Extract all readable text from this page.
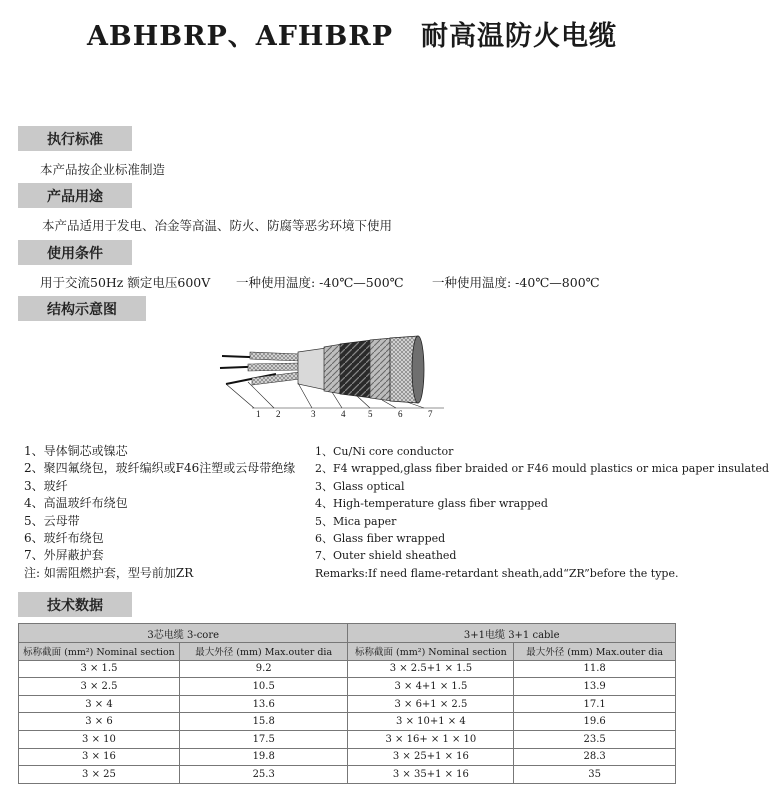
ABHBRP、AFHBRP　耐高温防火电缆
执行标准
本产品按企业标准制造
产品用途
本产品适用于发电、冶金等高温、防火、防腐等恶劣环境下使用
使用条件
用于交流50Hz 额定电压600V 一种使用温度: -40℃—500℃ 一种使用温度: -40℃—800℃
结构示意图
1 2	3	4	5	6	7
1、导体铜芯或镍芯
2、聚四氟绕包，玻纤编织或F46注塑或云母带绝缘
3、玻纤
4、高温玻纤布绕包
5、云母带
6、玻纤布绕包
7、外屏蔽护套
注: 如需阻燃护套，型号前加ZR
1、Cu/Ni core conductor
2、F4 wrapped,glass fiber braided or F46 mould plastics or mica paper insulated
3、Glass optical
4、High-temperature glass fiber wrapped
5、Mica paper
6、Glass fiber wrapped
7、Outer shield sheathed
Remarks:If need flame-retardant sheath,add“ZR”before the type.
技术数据
3芯电缆 3-core		3+1电缆 3+1 cable	
标称截面 (mm²) Nominal section	最大外径 (mm) Max.outer dia	标称截面 (mm²) Nominal section	最大外径 (mm) Max.outer dia
3 × 1.5	9.2	3 × 2.5+1 × 1.5	11.8
3 × 2.5	10.5	3 × 4+1 × 1.5	13.9
3 × 4	13.6	3 × 6+1 × 2.5	17.1
3 × 6	15.8	3 × 10+1 × 4	19.6
3 × 10	17.5	3 × 16+ × 1 × 10	23.5
3 × 16	19.8	3 × 25+1 × 16	28.3
3 × 25	25.3	3 × 35+1 × 16	35
